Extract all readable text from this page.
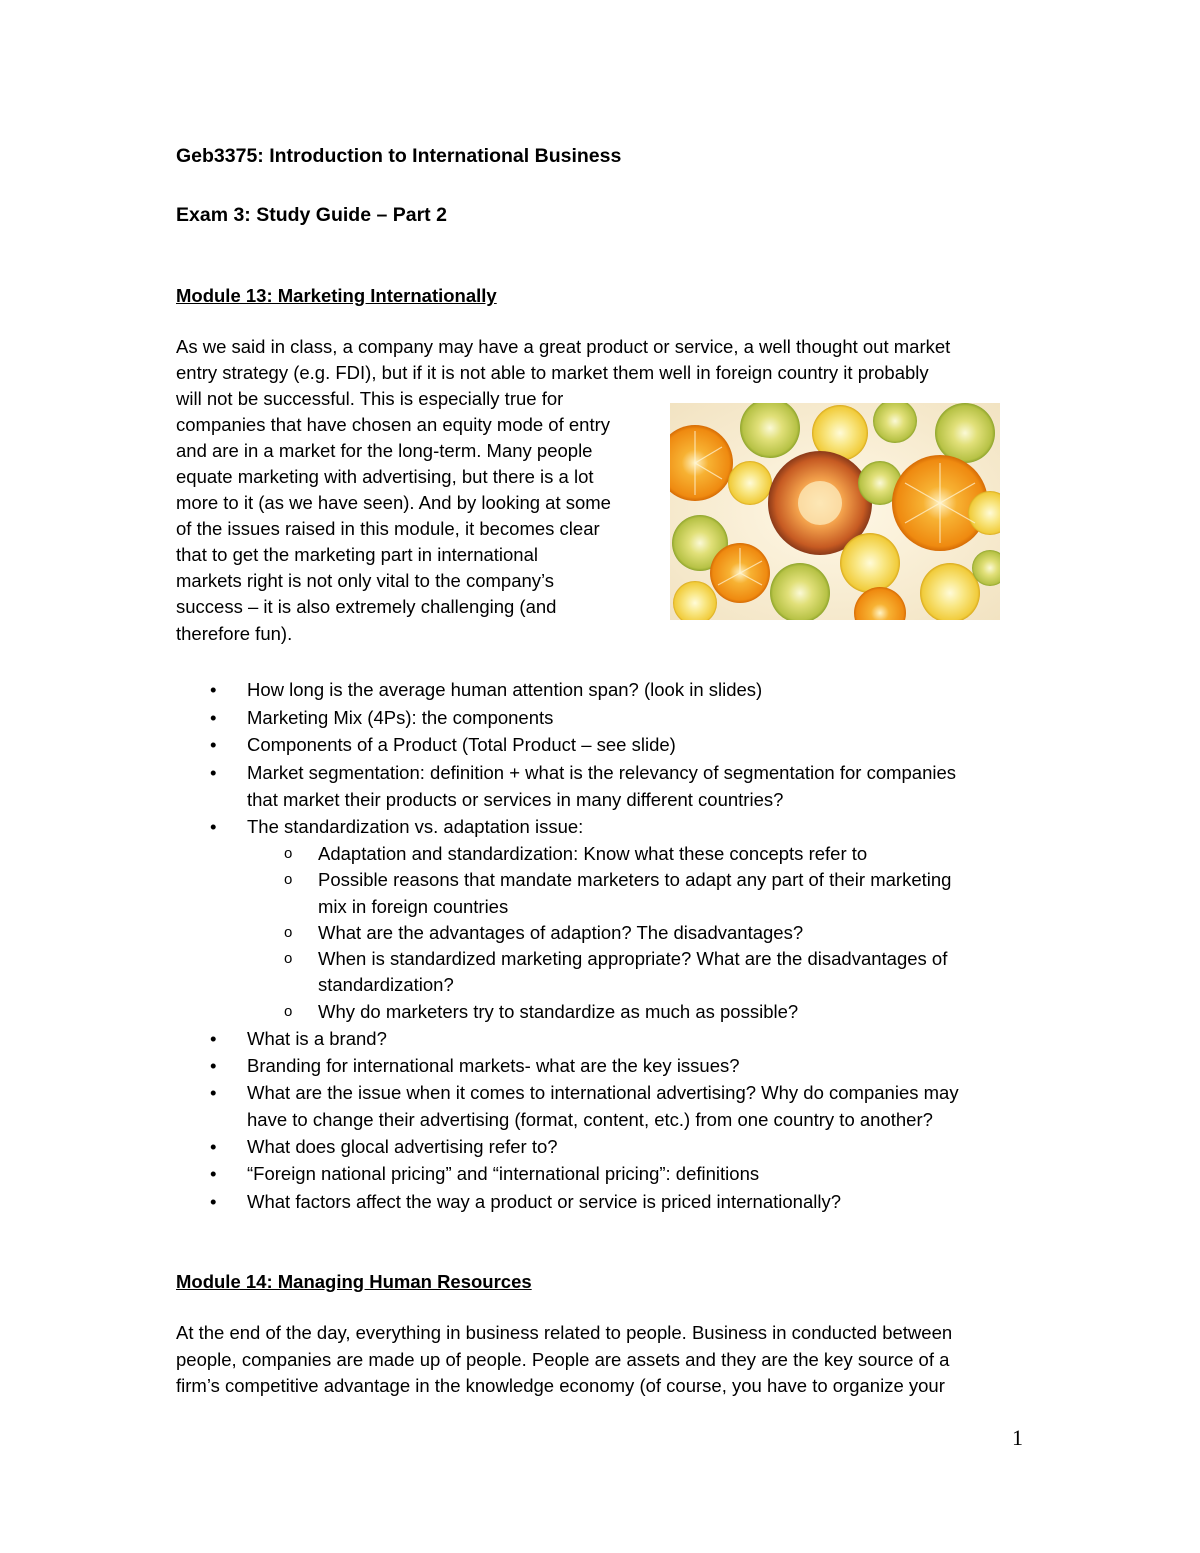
Geb3375: Introduction to International Business
Exam 3: Study Guide – Part 2
Module 13: Marketing Internationally
As we said in class, a company may have a great product or service, a well thought out market
entry strategy (e.g. FDI), but if it is not able to market them well in foreign country it probably
will not be successful. This is especially true for
companies that have chosen an equity mode of entry
and are in a market for the long-term. Many people
equate marketing with advertising, but there is a lot
more to it (as we have seen). And by looking at some
of the issues raised in this module, it becomes clear
that to get the marketing part in international
markets right is not only vital to the company’s
success – it is also extremely challenging (and
therefore fun).
• How long is the average human attention span? (look in slides)
• Marketing Mix (4Ps): the components
• Components of a Product (Total Product – see slide)
• Market segmentation: definition + what is the relevancy of segmentation for companies
that market their products or services in many different countries?
• The standardization vs. adaptation issue:
o Adaptation and standardization: Know what these concepts refer to
o Possible reasons that mandate marketers to adapt any part of their marketing
mix in foreign countries
o What are the advantages of adaption? The disadvantages?
o When is standardized marketing appropriate? What are the disadvantages of
standardization?
o Why do marketers try to standardize as much as possible?
• What is a brand?
• Branding for international markets- what are the key issues?
• What are the issue when it comes to international advertising? Why do companies may
have to change their advertising (format, content, etc.) from one country to another?
• What does glocal advertising refer to?
• “Foreign national pricing” and “international pricing”: definitions
• What factors affect the way a product or service is priced internationally?
Module 14: Managing Human Resources
At the end of the day, everything in business related to people. Business in conducted between
people, companies are made up of people. People are assets and they are the key source of a
firm’s competitive advantage in the knowledge economy (of course, you have to organize your
1
